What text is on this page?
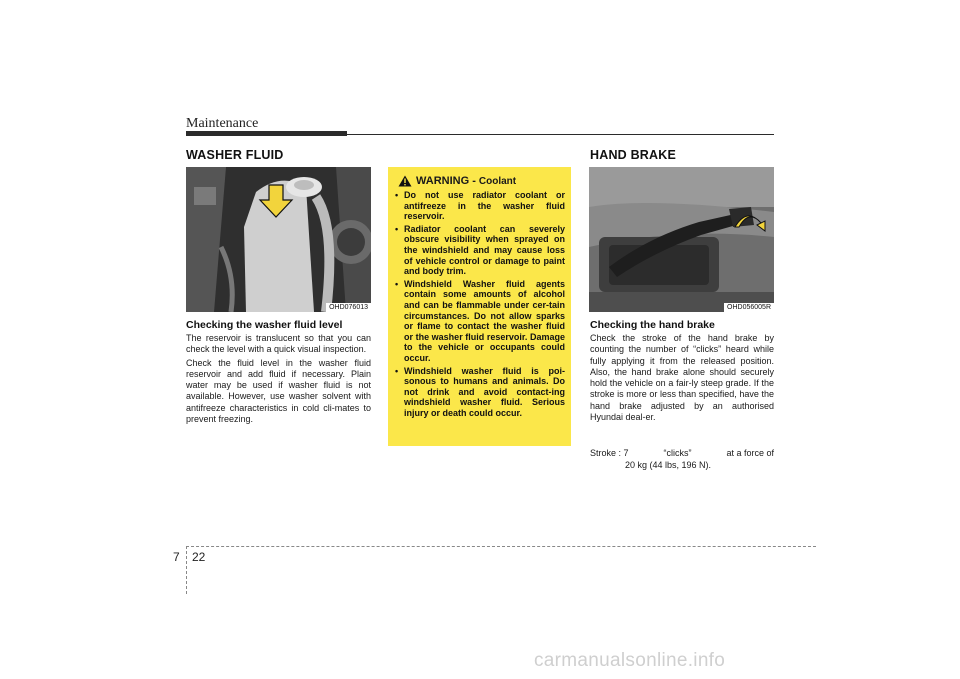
Maintenance
WASHER FLUID
OHD076013
Checking the washer fluid level

The reservoir is translucent so that you can check the level with a quick visual inspection.

Check the fluid level in the washer fluid reservoir and add fluid if necessary. Plain water may be used if washer fluid is not available. However, use washer solvent with antifreeze characteristics in cold cli-mates to prevent freezing.

WARNING - Coolant
• Do not use radiator coolant or antifreeze in the washer fluid reservoir.
• Radiator coolant can severely obscure visibility when sprayed on the windshield and may cause loss of vehicle control or damage to paint and body trim.
• Windshield Washer fluid agents contain some amounts of alcohol and can be flammable under cer-tain circumstances. Do not allow sparks or flame to contact the washer fluid or the washer fluid reservoir. Damage to the vehicle or occupants could occur.
• Windshield washer fluid is poi-sonous to humans and animals. Do not drink and avoid contact-ing windshield washer fluid. Serious injury or death could occur.
HAND BRAKE
OHD056005R
Checking the hand brake
Check the stroke of the hand brake by counting the number of “clicks” heard while fully applying it from the released position. Also, the hand brake alone should securely hold the vehicle on a fair-ly steep grade. If the stroke is more or less than specified, have the hand brake adjusted by an authorised Hyundai deal-er.
Stroke : 7	“clicks”	at a force of
20 kg (44 lbs, 196 N).
7 22
carmanualsonline.info
